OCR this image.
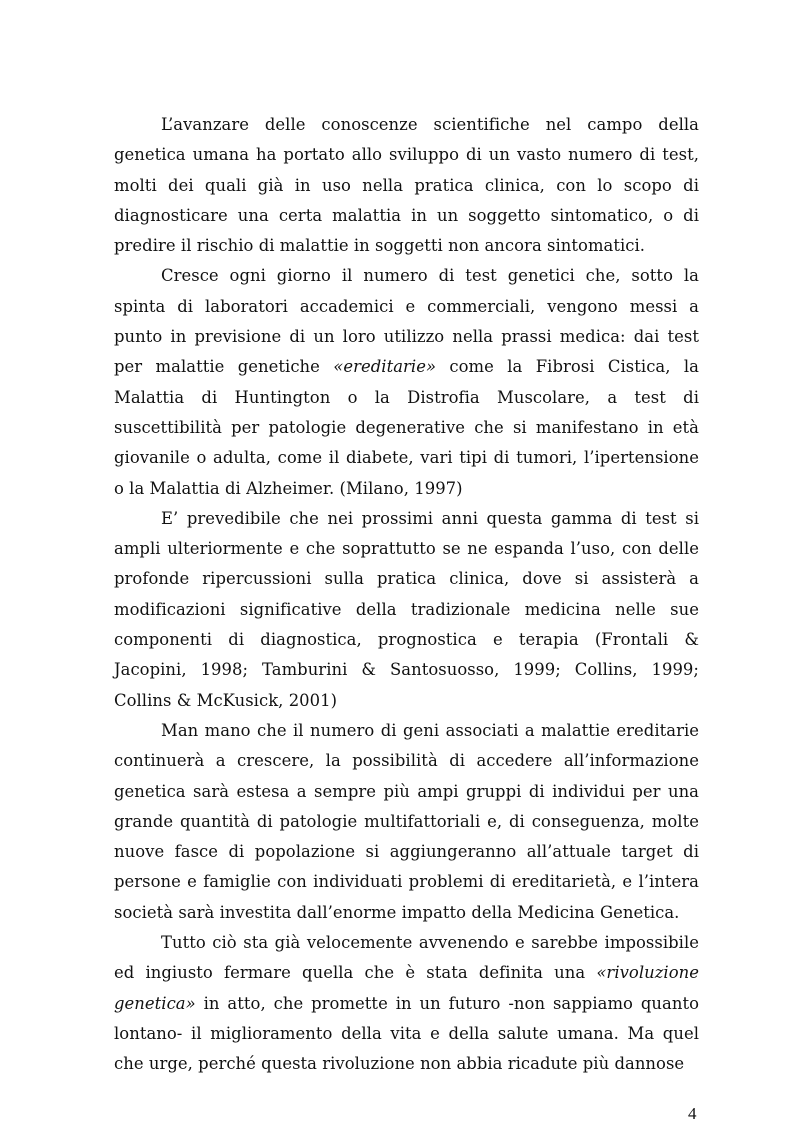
L’avanzare delle conoscenze scientifiche nel campo della genetica umana ha portato allo sviluppo di un vasto numero di test, molti dei quali già in uso nella pratica clinica, con lo scopo di diagnosticare una certa malattia in un soggetto sintomatico, o di predire il rischio di malattie in soggetti non ancora sintomatici.

Cresce ogni giorno il numero di test genetici che, sotto la spinta di laboratori accademici e commerciali, vengono messi a punto in previsione di un loro utilizzo nella prassi medica: dai test per malattie genetiche «ereditarie» come la Fibrosi Cistica, la Malattia di Huntington o la Distrofia Muscolare, a test di suscettibilità per patologie degenerative che si manifestano in età giovanile o adulta, come il diabete, vari tipi di tumori, l’ipertensione o la Malattia di Alzheimer. (Milano, 1997)

E’ prevedibile che nei prossimi anni questa gamma di test si ampli ulteriormente e che soprattutto se ne espanda l’uso, con delle profonde ripercussioni sulla pratica clinica, dove si assisterà a modificazioni significative della tradizionale medicina nelle sue componenti di diagnostica, prognostica e terapia (Frontali & Jacopini, 1998; Tamburini & Santosuosso, 1999; Collins, 1999; Collins & McKusick, 2001)

Man mano che il numero di geni associati a malattie ereditarie continuerà a crescere, la possibilità di accedere all’informazione genetica sarà estesa a sempre più ampi gruppi di individui per una grande quantità di patologie multifattoriali e, di conseguenza, molte nuove fasce di popolazione si aggiungeranno all’attuale target di persone e famiglie con individuati problemi di ereditarietà, e l’intera società sarà investita dall’enorme impatto della Medicina Genetica.

Tutto ciò sta già velocemente avvenendo e sarebbe impossibile ed ingiusto fermare quella che è stata definita una «rivoluzione genetica» in atto, che promette in un futuro -non sappiamo quanto lontano- il miglioramento della vita e della salute umana. Ma quel che urge, perché questa rivoluzione non abbia ricadute più dannose

4
